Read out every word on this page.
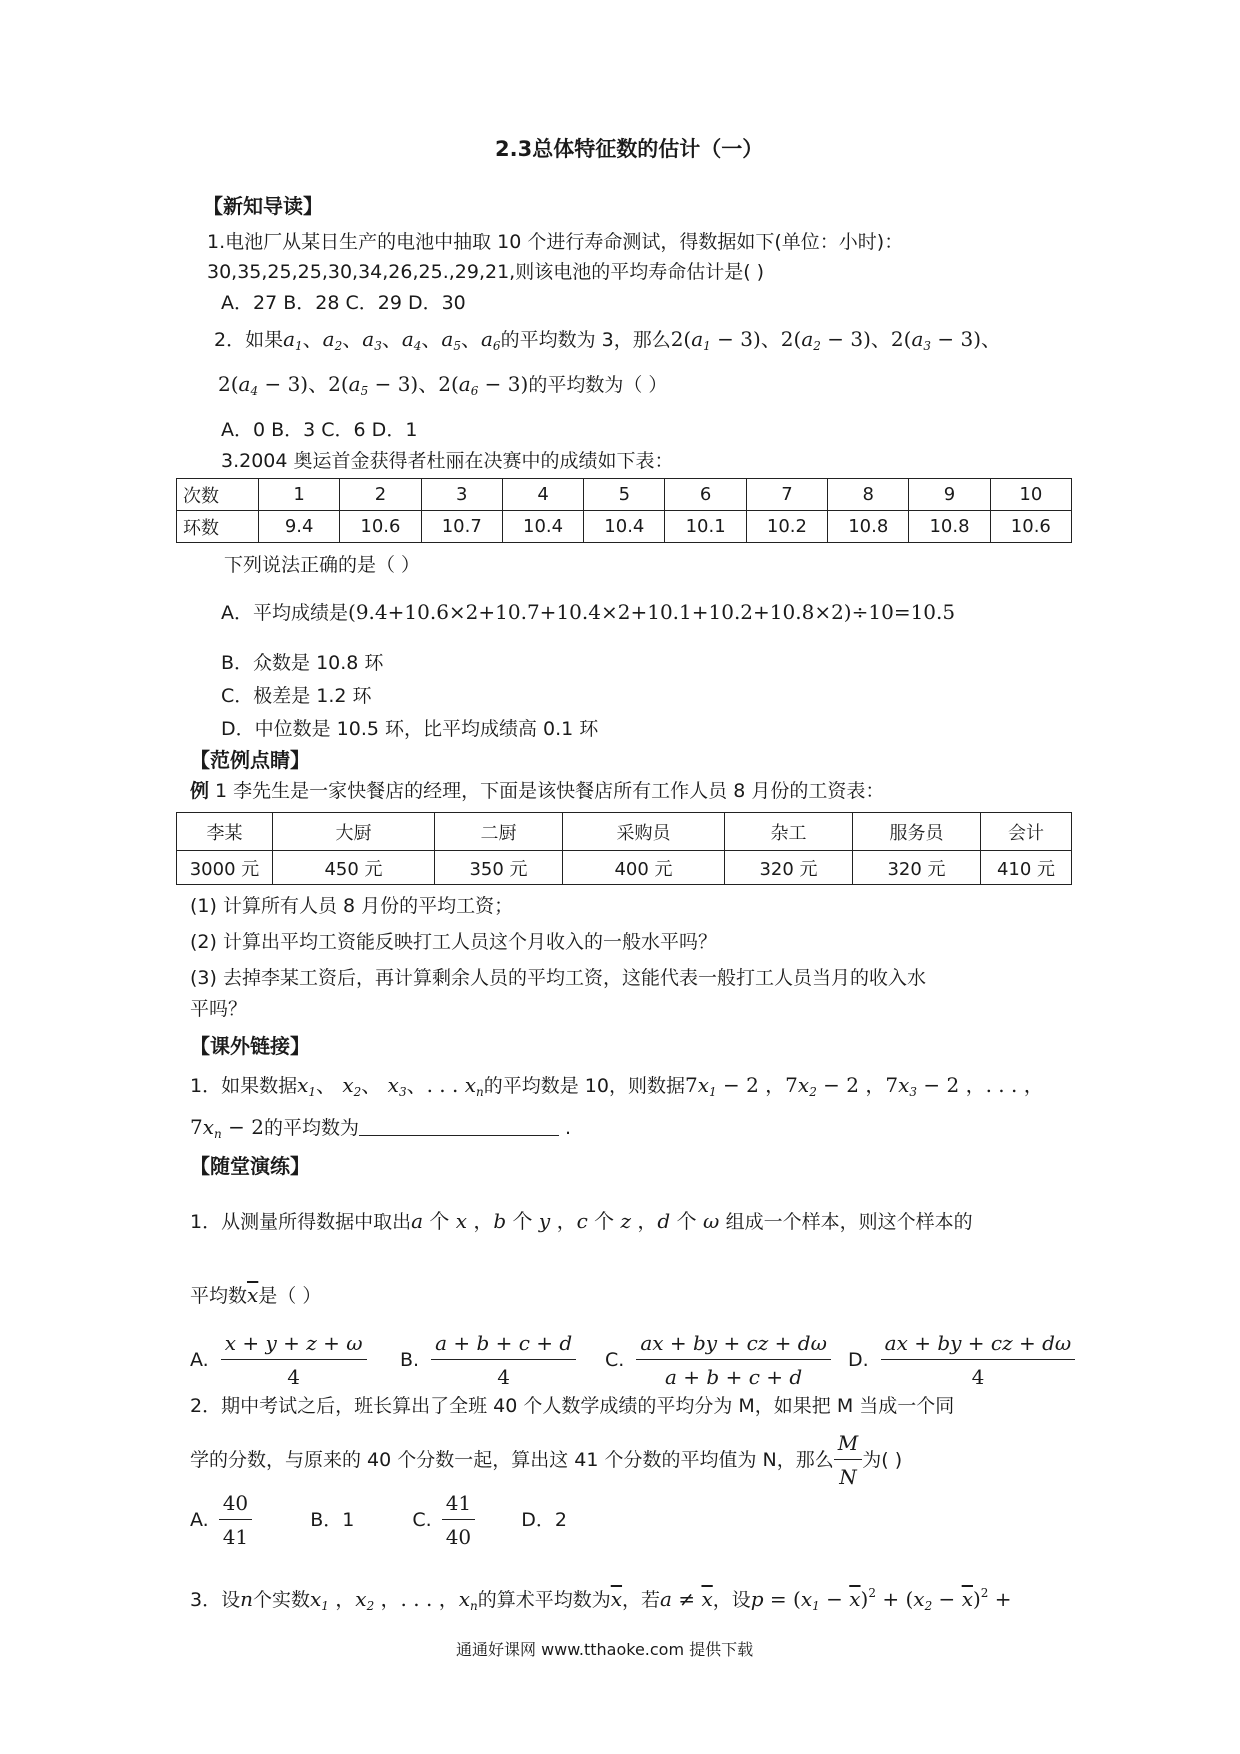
2.3总体特征数的估计（一）
【新知导读】
1.电池厂从某日生产的电池中抽取 10 个进行寿命测试，得数据如下(单位：小时)：
30,35,25,25,30,34,26,25.,29,21,则该电池的平均寿命估计是( )
A．27 B．28 C．29 D．30
2．如果$a_1$、$a_2$、$a_3$、$a_4$、$a_5$、$a_6$的平均数为 3，那么$2(a_1 - 3)$、$2(a_2 - 3)$、$2(a_3 - 3)$、
$2(a_4 - 3)$、$2(a_5 - 3)$、$2(a_6 - 3)$的平均数为（ ）
A．0 B．3 C．6 D．1
3.2004 奥运首金获得者杜丽在决赛中的成绩如下表：
次数	1	2	3	4	5	6	7	8	9	10
环数	9.4	10.6	10.7	10.4	10.4	10.1	10.2	10.8	10.8	10.6
下列说法正确的是（ ）
A．平均成绩是(9.4+10.6×2+10.7+10.4×2+10.1+10.2+10.8×2)÷10=10.5
B．众数是 10.8 环
C．极差是 1.2 环
D．中位数是 10.5 环，比平均成绩高 0.1 环
【范例点睛】
例 1 李先生是一家快餐店的经理，下面是该快餐店所有工作人员 8 月份的工资表：
李某	大厨	二厨	采购员	杂工	服务员	会计
3000 元	450 元	350 元	400 元	320 元	320 元	410 元
(1) 计算所有人员 8 月份的平均工资；
(2) 计算出平均工资能反映打工人员这个月收入的一般水平吗？
(3) 去掉李某工资后，再计算剩余人员的平均工资，这能代表一般打工人员当月的收入水
平吗？
【课外链接】
1．如果数据$x_1$、 $x_2$、 $x_3$、. . . $x_n$的平均数是 10，则数据$7x_1 - 2$ ，$7x_2 - 2$ ，$7x_3 - 2$ ，. . . ，
$7x_n - 2$的平均数为	.
【随堂演练】
1．从测量所得数据中取出a 个 x ，b 个 y ，c 个 z ，d 个 ω 组成一个样本，则这个样本的
平均数$\overline{x}$是（ ）
A. $\frac{x + y + z + \omega}{4} B$. $\frac{a + b + c + d}{4} C$. $\frac{ax + by + cz + d\omega}{a + b + c + d} D$. $\frac{ax + by + cz + d\omega}{4}$
2．期中考试之后，班长算出了全班 40 个人数学成绩的平均分为 M，如果把 M 当成一个同
学的分数，与原来的 40 个分数一起，算出这 41 个分数的平均值为 N，那么 $\frac{M}{N}$ 为( )
A. $\frac{40}{41}$	B．1	C. $\frac{41}{40}$ D．2
3．设n个实数$x_1$ ，$x_2$ ，. . . ，$x_n$的算术平均数为$\overline{x}$，若$a \ne \overline{x}$，设$p = (x_1 - \overline{x})^2 + (x_2 - \overline{x})^2$ +
通通好课网 www.tthaoke.com 提供下载
